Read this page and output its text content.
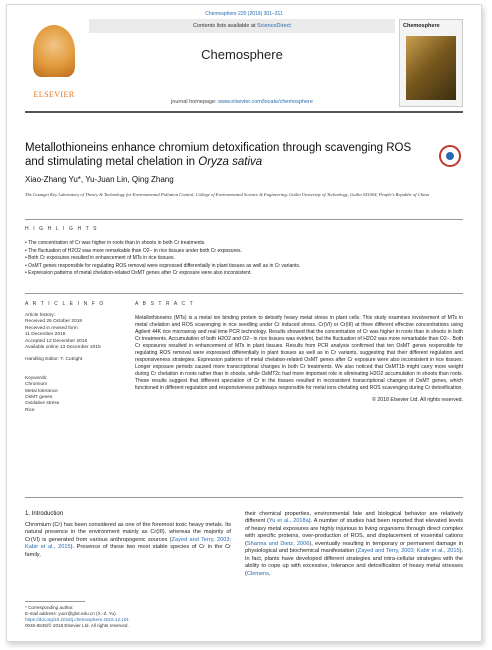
Chemosphere 220 (2019) 301–311
ELSEVIER
Contents lists available at ScienceDirect
Chemosphere
journal homepage: www.elsevier.com/locate/chemosphere
Chemosphere
Metallothioneins enhance chromium detoxification through scavenging ROS and stimulating metal chelation in Oryza sativa
Xiao-Zhang Yu*, Yu-Juan Lin, Qing Zhang
The Guangxi Key Laboratory of Theory & Technology for Environmental Pollution Control, College of Environmental Science & Engineering, Guilin University of Technology, Guilin 541004, People's Republic of China
H I G H L I G H T S
• The concentration of Cr was higher in roots than in shoots in both Cr treatments.
• The fluctuation of H2O2 was more remarkable than O2− in rice tissues under both Cr exposures.
• Both Cr exposures resulted in enhancement of MTs in rice tissues.
• OsMT genes responsible for regulating ROS removal were expressed differentially in plant tissues as well as in Cr variants.
• Expression patterns of metal chelation-related OsMT genes after Cr exposure were also inconsistent.
A R T I C L E I N F O
Article history:
Received 25 October 2018
Received in revised form
11 December 2018
Accepted 12 December 2018
Available online 13 December 2018
Handling Editor: T. Cutright
Keywords:
Chromium
Metal tolerance
OsMT genes
Oxidative stress
Rice
A B S T R A C T
Metallothioneins (MTs) is a metal ion binding protein to detoxify heavy metal stress in plant cells. This study examines involvement of MTs in metal chelation and ROS scavenging in rice seedling under Cr induced stress. Cr(VI) or Cr(III) at three different effective concentrations using Agilent 44K rice microarray and real time PCR technology. Results showed that the concentration of Cr was higher in roots than in shoots in both Cr treatments. Accumulation of both H2O2 and O2− in rice tissues was evident, but the fluctuation of H2O2 was more remarkable than O2−. Both Cr exposures resulted in enhancement of MTs in plant tissues. Results from PCR analysis confirmed that ten OsMT genes responsible for regulating ROS removal were expressed differentially in plant tissues as well as in Cr variants, suggesting that their different regulation and responsiveness strategies. Expression patterns of metal chelation-related OsMT genes after Cr exposure were also inconsistent in rice tissues. Longer exposure periods caused more transcriptional changes in both Cr treatments. We also noticed that OsMT1b might carry more weight during Cr chelation in roots rather than in shoots, while OsMT2c had more important role in eliminating H2O2 accumulation in shoots than roots. These results suggest that different speciation of Cr in the tissues resulted in inconsistent transcriptional changes of OsMT genes, which functioned in different regulation and responsiveness pathways responsible for metal ions chelating and ROS scavenging during Cr detoxification.
© 2018 Elsevier Ltd. All rights reserved.
1. Introduction
Chromium (Cr) has been considered as one of the foremost toxic heavy metals. Its natural presence in the environment mainly as Cr(III), whereas the majority of Cr(VI) is generated from various anthropogenic sources (Zayed and Terry, 2003; Kabir et al., 2015). Presence of these two most stable species of Cr in the Cr family,
their chemical properties, environmental fate and biological behavior are relatively different (Yu et al., 2018a). A number of studies had been reported that elevated levels of heavy metal exposures are highly injurious to living organisms through direct complex with specific proteins, over-production of ROS, and displacement of essential cations (Sharma and Dietz, 2006), eventually resulting in temporary or permanent damage in physiological and biochemical manifestation (Zayed and Terry, 2003; Kabir et al., 2015). In fact, plants have developed different strategies and intra-cellular strategies with the ability to cope up with excessive, tolerance and detoxification of heavy metal stresses (Clemens,
* Corresponding author.
E-mail address: yuxz@glut.edu.cn (X.-Z. Yu).
https://doi.org/10.1016/j.chemosphere.2018.12.101
0045-6535/© 2018 Elsevier Ltd. All rights reserved.
